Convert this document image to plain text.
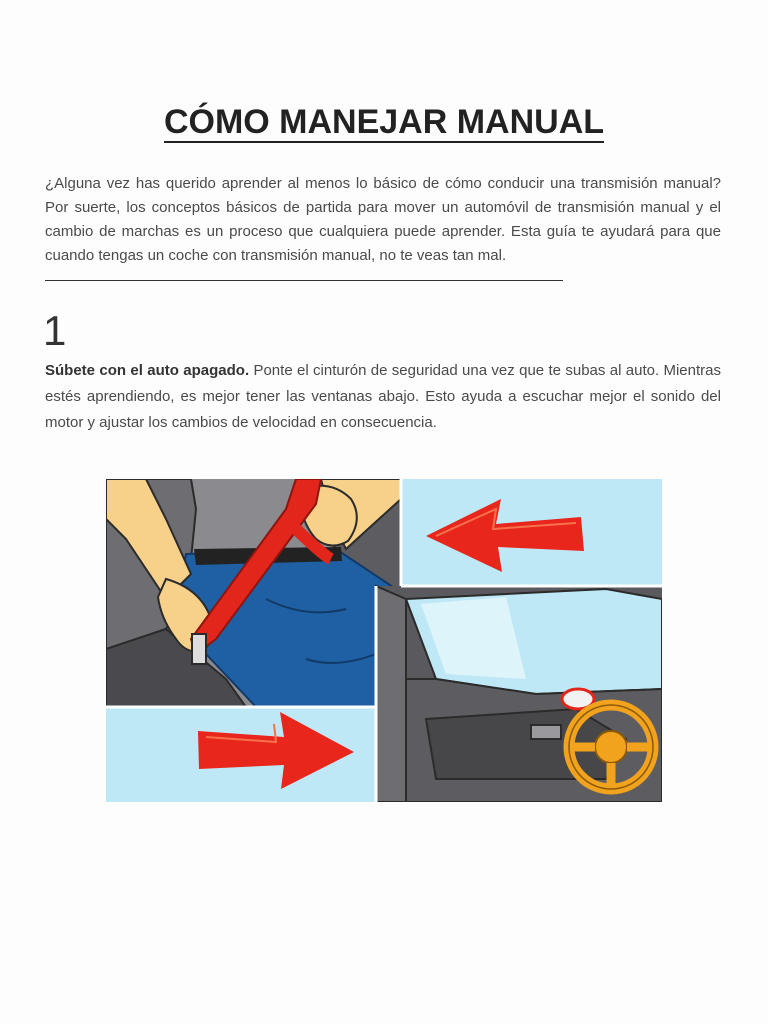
CÓMO MANEJAR MANUAL

¿Alguna vez has querido aprender al menos lo básico de cómo conducir una transmisión manual? Por suerte, los conceptos básicos de partida para mover un automóvil de transmisión manual y el cambio de marchas es un proceso que cualquiera puede aprender. Esta guía te ayudará para que cuando tengas un coche con transmisión manual, no te veas tan mal.

1

Súbete con el auto apagado. Ponte el cinturón de seguridad una vez que te subas al auto. Mientras estés aprendiendo, es mejor tener las ventanas abajo. Esto ayuda a escuchar mejor el sonido del motor y ajustar los cambios de velocidad en consecuencia.
